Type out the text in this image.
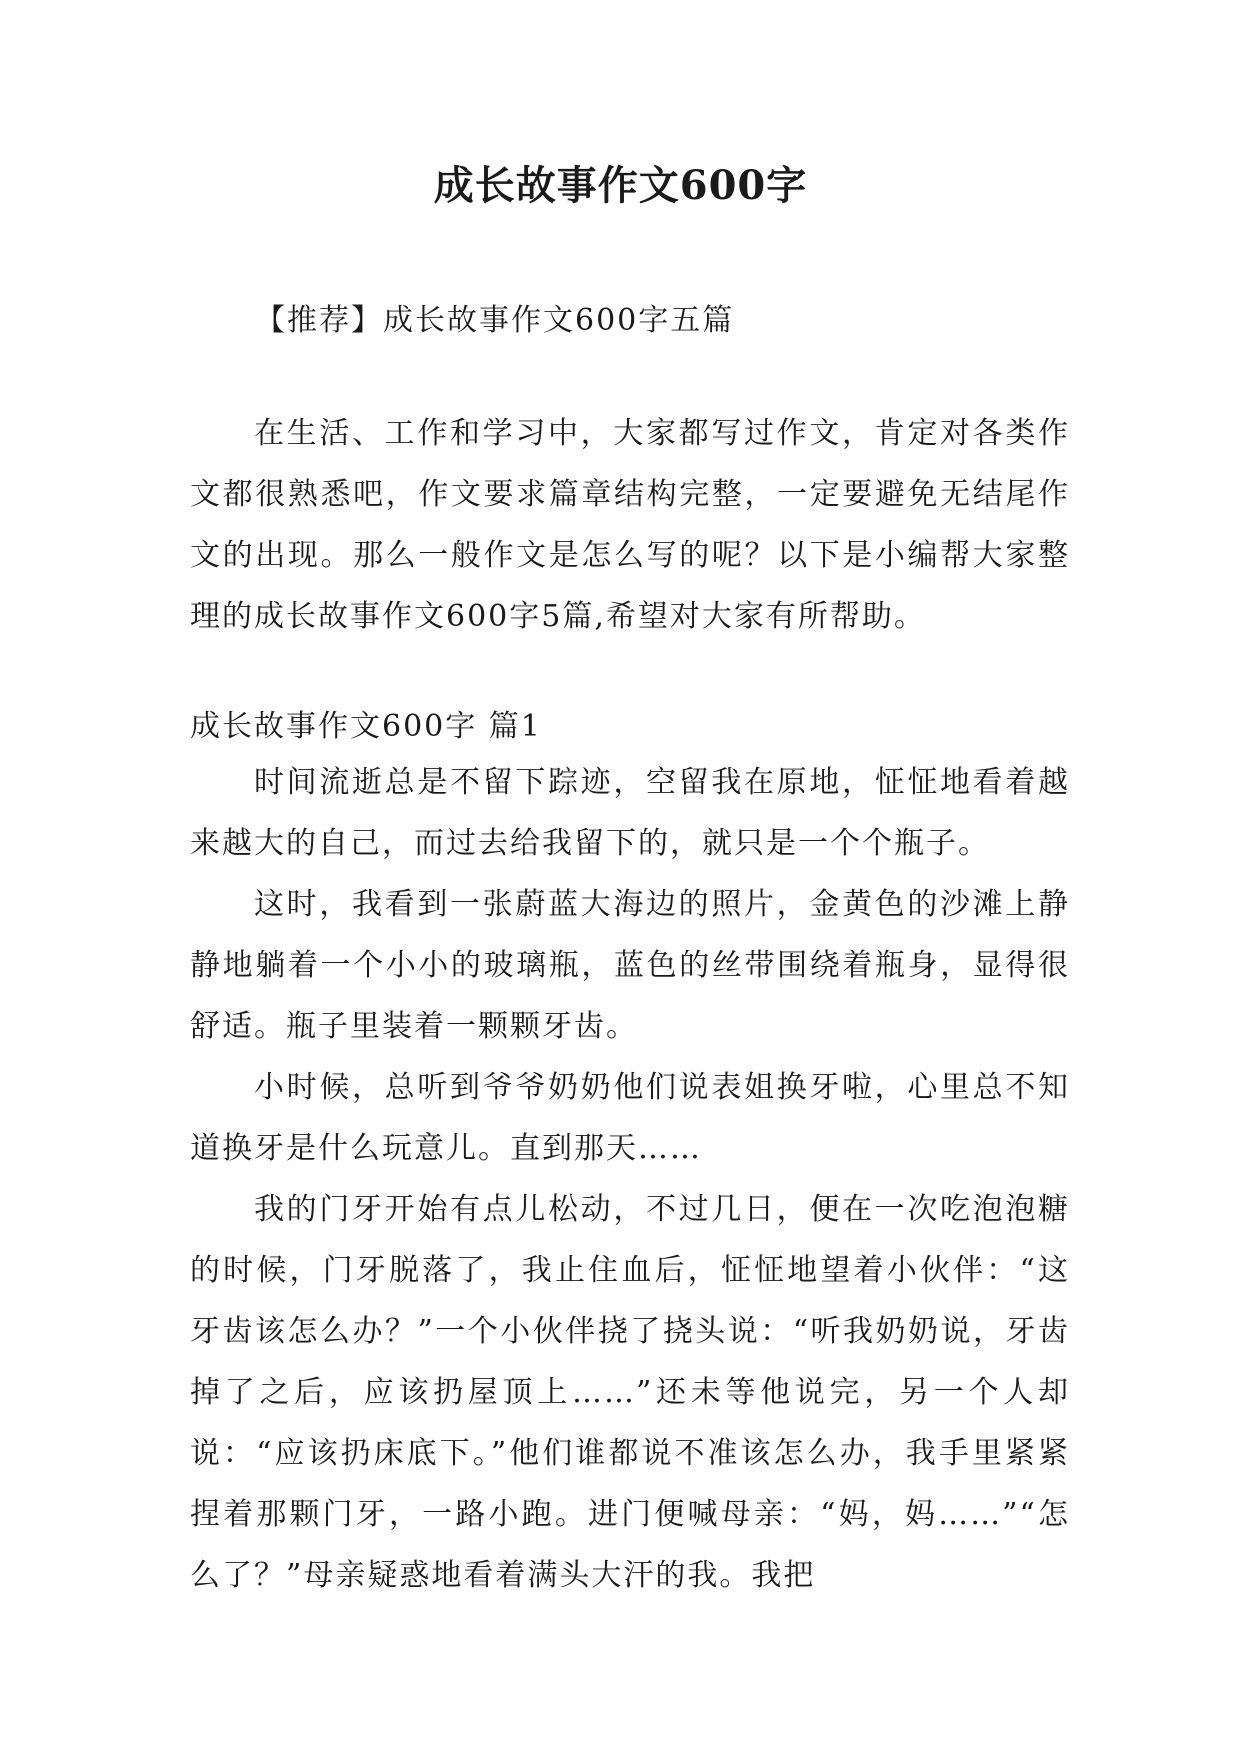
成长故事作文600字

【推荐】成长故事作文600字五篇

在生活、工作和学习中，大家都写过作文，肯定对各类作文都很熟悉吧，作文要求篇章结构完整，一定要避免无结尾作文的出现。那么一般作文是怎么写的呢？以下是小编帮大家整理的成长故事作文600字5篇,希望对大家有所帮助。

成长故事作文600字 篇1

时间流逝总是不留下踪迹，空留我在原地，怔怔地看着越来越大的自己，而过去给我留下的，就只是一个个瓶子。

这时，我看到一张蔚蓝大海边的照片，金黄色的沙滩上静静地躺着一个小小的玻璃瓶，蓝色的丝带围绕着瓶身，显得很舒适。瓶子里装着一颗颗牙齿。

小时候，总听到爷爷奶奶他们说表姐换牙啦，心里总不知道换牙是什么玩意儿。直到那天……

我的门牙开始有点儿松动，不过几日，便在一次吃泡泡糖的时候，门牙脱落了，我止住血后，怔怔地望着小伙伴：“这牙齿该怎么办？”一个小伙伴挠了挠头说：“听我奶奶说，牙齿掉了之后，应该扔屋顶上……”还未等他说完，另一个人却说：“应该扔床底下。”他们谁都说不准该怎么办，我手里紧紧捏着那颗门牙，一路小跑。进门便喊母亲：“妈，妈……”“怎么了？”母亲疑惑地看着满头大汗的我。我把
